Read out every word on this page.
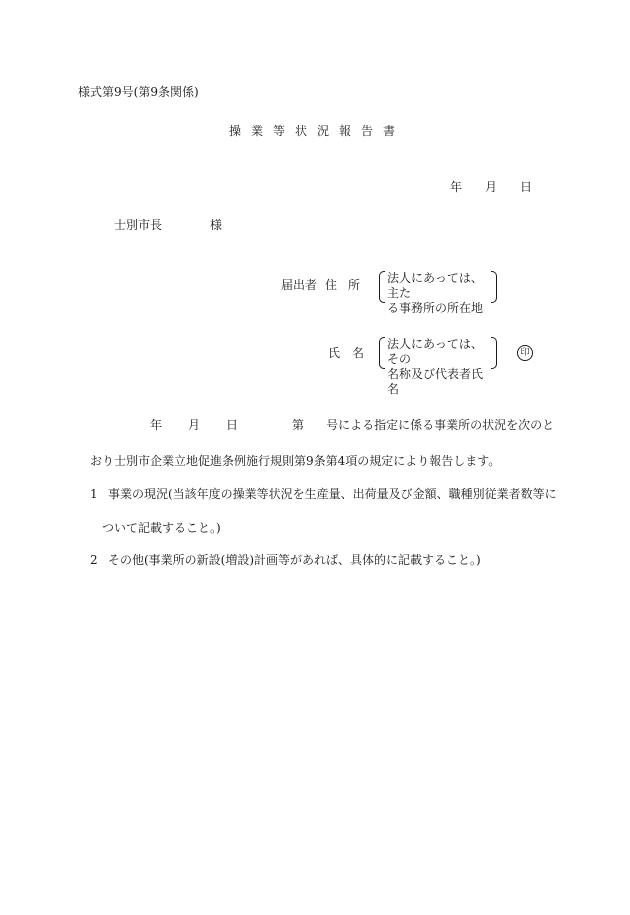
様式第9号(第9条関係)
操業等状況報告書
年 月 日
士別市長	様
届出者 住所 法人にあっては、主た
る事務所の所在地
氏名
法人にあっては、その
名称及び代表者氏名
印
年 月 日	第 号による指定に係る事業所の状況を次のと
おり士別市企業立地促進条例施行規則第9条第4項の規定により報告します。
1 事業の現況(当該年度の操業等状況を生産量、出荷量及び金額、職種別従業者数等に
ついて記載すること。)
2 その他(事業所の新設(増設)計画等があれば、具体的に記載すること。)
